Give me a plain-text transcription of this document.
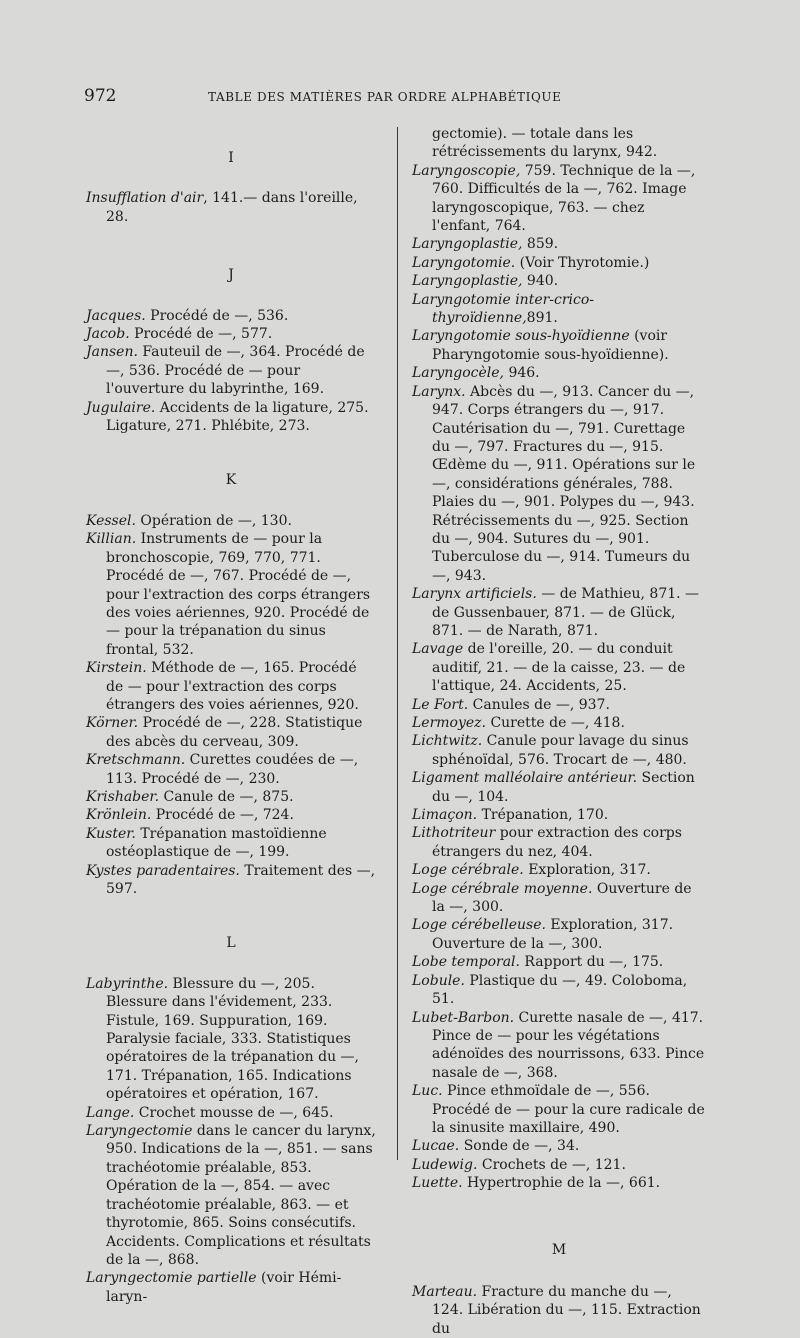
972	TABLE DES MATIÈRES PAR ORDRE ALPHABÉTIQUE
I

Insufflation d'air, 141.— dans l'oreille, 28.

J

Jacques. Procédé de —, 536.

Jacob. Procédé de —, 577.

Jansen. Fauteuil de —, 364. Procédé de —, 536. Procédé de — pour l'ouverture du labyrinthe, 169.

Jugulaire. Accidents de la ligature, 275. Ligature, 271. Phlébite, 273.

K

Kessel. Opération de —, 130.

Killian. Instruments de — pour la bronchoscopie, 769, 770, 771. Procédé de —, 767. Procédé de —, pour l'extraction des corps étrangers des voies aériennes, 920. Procédé de — pour la trépanation du sinus frontal, 532.

Kirstein. Méthode de —, 165. Procédé de — pour l'extraction des corps étrangers des voies aériennes, 920.

Körner. Procédé de —, 228. Statistique des abcès du cerveau, 309.

Kretschmann. Curettes coudées de —, 113. Procédé de —, 230.

Krishaber. Canule de —, 875.

Krönlein. Procédé de —, 724.

Kuster. Trépanation mastoïdienne ostéoplastique de —, 199.

Kystes paradentaires. Traitement des —, 597.

L

Labyrinthe. Blessure du —, 205. Blessure dans l'évidement, 233. Fistule, 169. Suppuration, 169. Paralysie faciale, 333. Statistiques opératoires de la trépanation du —, 171. Trépanation, 165. Indications opératoires et opération, 167.

Lange. Crochet mousse de —, 645.

Laryngectomie dans le cancer du larynx, 950. Indications de la —, 851. — sans trachéotomie préalable, 853. Opération de la —, 854. — avec trachéotomie préalable, 863. — et thyrotomie, 865. Soins consécutifs. Accidents. Complications et résultats de la —, 868.

Laryngectomie partielle (voir Hémi-laryn-

gectomie). — totale dans les rétrécissements du larynx, 942.

Laryngoscopie, 759. Technique de la —, 760. Difficultés de la —, 762. Image laryngoscopique, 763. — chez l'enfant, 764.

Laryngoplastie, 859.

Laryngotomie. (Voir Thyrotomie.)

Laryngoplastie, 940.

Laryngotomie inter-crico-thyroïdienne,891.

Laryngotomie sous-hyoïdienne (voir Pharyngotomie sous-hyoïdienne).

Laryngocèle, 946.

Larynx. Abcès du —, 913. Cancer du —, 947. Corps étrangers du —, 917. Cautérisation du —, 791. Curettage du —, 797. Fractures du —, 915. Œdème du —, 911. Opérations sur le —, considérations générales, 788. Plaies du —, 901. Polypes du —, 943. Rétrécissements du —, 925. Section du —, 904. Sutures du —, 901. Tuberculose du —, 914. Tumeurs du —, 943.

Larynx artificiels. — de Mathieu, 871. — de Gussenbauer, 871. — de Glück, 871. — de Narath, 871.

Lavage de l'oreille, 20. — du conduit auditif, 21. — de la caisse, 23. — de l'attique, 24. Accidents, 25.

Le Fort. Canules de —, 937.

Lermoyez. Curette de —, 418.

Lichtwitz. Canule pour lavage du sinus sphénoïdal, 576. Trocart de —, 480.

Ligament malléolaire antérieur. Section du —, 104.

Limaçon. Trépanation, 170.

Lithotriteur pour extraction des corps étrangers du nez, 404.

Loge cérébrale. Exploration, 317.

Loge cérébrale moyenne. Ouverture de la —, 300.

Loge cérébelleuse. Exploration, 317. Ouverture de la —, 300.

Lobe temporal. Rapport du —, 175.

Lobule. Plastique du —, 49. Coloboma, 51.

Lubet-Barbon. Curette nasale de —, 417. Pince de — pour les végétations adénoïdes des nourrissons, 633. Pince nasale de —, 368.

Luc. Pince ethmoïdale de —, 556. Procédé de — pour la cure radicale de la sinusite maxillaire, 490.

Lucae. Sonde de —, 34.

Ludewig. Crochets de —, 121.

Luette. Hypertrophie de la —, 661.

M

Marteau. Fracture du manche du —, 124. Libération du —, 115. Extraction du
